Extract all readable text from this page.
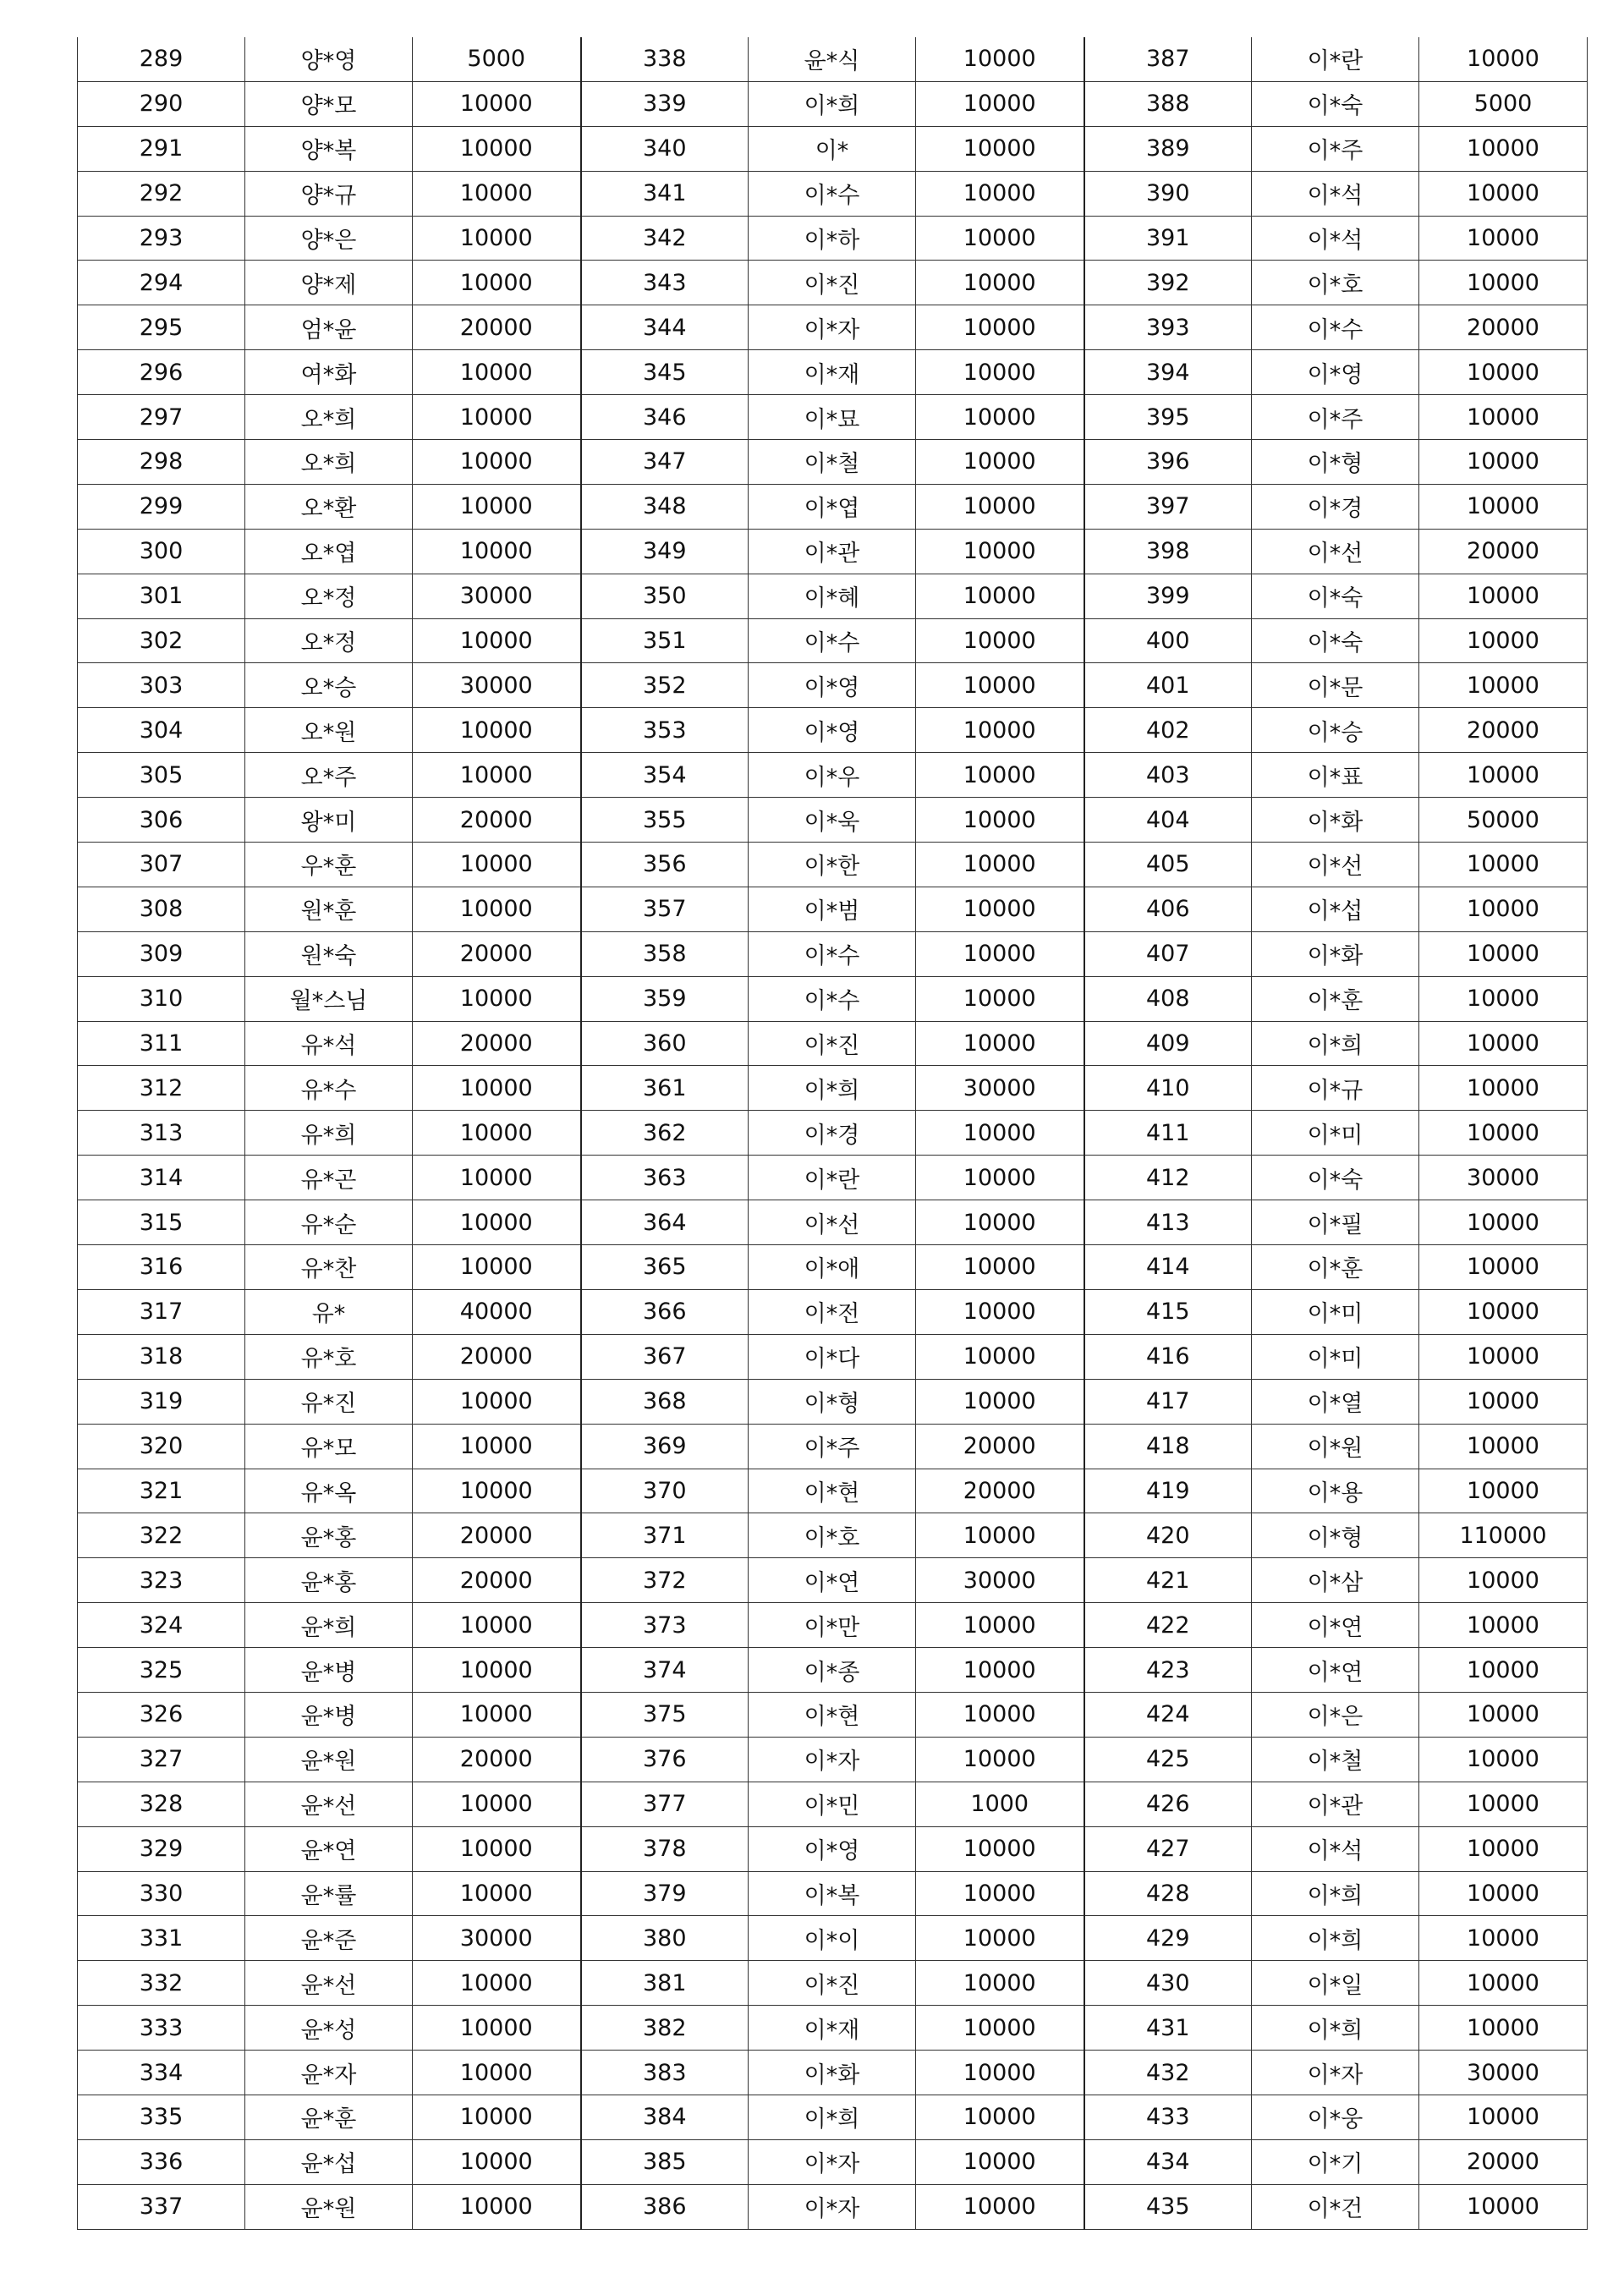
289	양*영	5000	338	윤*식	10000	387	이*란	10000
290	양*모	10000	339	이*희	10000	388	이*숙	5000
291	양*복	10000	340	이*	10000	389	이*주	10000
292	양*규	10000	341	이*수	10000	390	이*석	10000
293	양*은	10000	342	이*하	10000	391	이*석	10000
294	양*제	10000	343	이*진	10000	392	이*호	10000
295	엄*윤	20000	344	이*자	10000	393	이*수	20000
296	여*화	10000	345	이*재	10000	394	이*영	10000
297	오*희	10000	346	이*묘	10000	395	이*주	10000
298	오*희	10000	347	이*철	10000	396	이*형	10000
299	오*환	10000	348	이*엽	10000	397	이*경	10000
300	오*엽	10000	349	이*관	10000	398	이*선	20000
301	오*정	30000	350	이*혜	10000	399	이*숙	10000
302	오*정	10000	351	이*수	10000	400	이*숙	10000
303	오*승	30000	352	이*영	10000	401	이*문	10000
304	오*원	10000	353	이*영	10000	402	이*승	20000
305	오*주	10000	354	이*우	10000	403	이*표	10000
306	왕*미	20000	355	이*욱	10000	404	이*화	50000
307	우*훈	10000	356	이*한	10000	405	이*선	10000
308	원*훈	10000	357	이*범	10000	406	이*섭	10000
309	원*숙	20000	358	이*수	10000	407	이*화	10000
310	월*스님	10000	359	이*수	10000	408	이*훈	10000
311	유*석	20000	360	이*진	10000	409	이*희	10000
312	유*수	10000	361	이*희	30000	410	이*규	10000
313	유*희	10000	362	이*경	10000	411	이*미	10000
314	유*곤	10000	363	이*란	10000	412	이*숙	30000
315	유*순	10000	364	이*선	10000	413	이*필	10000
316	유*찬	10000	365	이*애	10000	414	이*훈	10000
317	유*	40000	366	이*전	10000	415	이*미	10000
318	유*호	20000	367	이*다	10000	416	이*미	10000
319	유*진	10000	368	이*형	10000	417	이*열	10000
320	유*모	10000	369	이*주	20000	418	이*원	10000
321	유*옥	10000	370	이*현	20000	419	이*용	10000
322	윤*홍	20000	371	이*호	10000	420	이*형	110000
323	윤*홍	20000	372	이*연	30000	421	이*삼	10000
324	윤*희	10000	373	이*만	10000	422	이*연	10000
325	윤*병	10000	374	이*종	10000	423	이*연	10000
326	윤*병	10000	375	이*현	10000	424	이*은	10000
327	윤*원	20000	376	이*자	10000	425	이*철	10000
328	윤*선	10000	377	이*민	1000	426	이*관	10000
329	윤*연	10000	378	이*영	10000	427	이*석	10000
330	윤*률	10000	379	이*복	10000	428	이*희	10000
331	윤*준	30000	380	이*이	10000	429	이*희	10000
332	윤*선	10000	381	이*진	10000	430	이*일	10000
333	윤*성	10000	382	이*재	10000	431	이*희	10000
334	윤*자	10000	383	이*화	10000	432	이*자	30000
335	윤*훈	10000	384	이*희	10000	433	이*웅	10000
336	윤*섭	10000	385	이*자	10000	434	이*기	20000
337	윤*원	10000	386	이*자	10000	435	이*건	10000
